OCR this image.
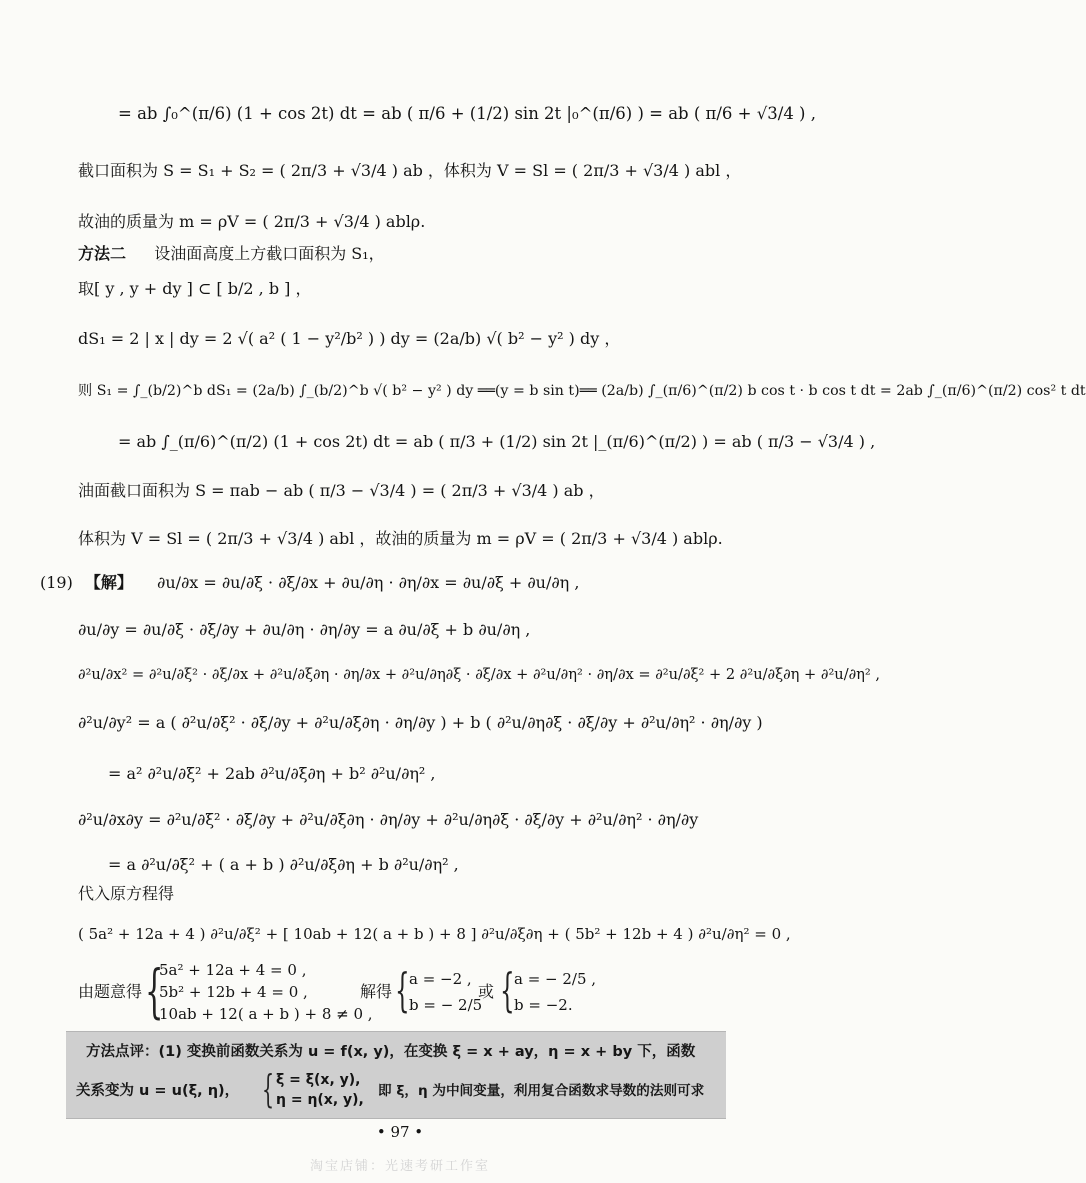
= ab ∫₀^(π/6) (1 + cos 2t) dt = ab ( π/6 + (1/2) sin 2t |₀^(π/6) ) = ab ( π/6 + √3/4 ) ,
截口面积为 S = S₁ + S₂ = ( 2π/3 + √3/4 ) ab ，体积为 V = Sl = ( 2π/3 + √3/4 ) abl ，
故油的质量为 m = ρV = ( 2π/3 + √3/4 ) ablρ.
方法二 设油面高度上方截口面积为 S₁，
取[ y , y + dy ] ⊂ [ b/2 , b ] ，
dS₁ = 2 | x | dy = 2 √( a² ( 1 − y²/b² ) ) dy = (2a/b) √( b² − y² ) dy ，
则 S₁ = ∫_(b/2)^b dS₁ = (2a/b) ∫_(b/2)^b √( b² − y² ) dy ══(y = b sin t)══ (2a/b) ∫_(π/6)^(π/2) b cos t · b cos t dt = 2ab ∫_(π/6)^(π/2) cos² t dt
= ab ∫_(π/6)^(π/2) (1 + cos 2t) dt = ab ( π/3 + (1/2) sin 2t |_(π/6)^(π/2) ) = ab ( π/3 − √3/4 ) ,
油面截口面积为 S = πab − ab ( π/3 − √3/4 ) = ( 2π/3 + √3/4 ) ab ，
体积为 V = Sl = ( 2π/3 + √3/4 ) abl ，故油的质量为 m = ρV = ( 2π/3 + √3/4 ) ablρ.
(19) 【解】 ∂u/∂x = ∂u/∂ξ · ∂ξ/∂x + ∂u/∂η · ∂η/∂x = ∂u/∂ξ + ∂u/∂η ,
∂u/∂y = ∂u/∂ξ · ∂ξ/∂y + ∂u/∂η · ∂η/∂y = a ∂u/∂ξ + b ∂u/∂η ,
∂²u/∂x² = ∂²u/∂ξ² · ∂ξ/∂x + ∂²u/∂ξ∂η · ∂η/∂x + ∂²u/∂η∂ξ · ∂ξ/∂x + ∂²u/∂η² · ∂η/∂x = ∂²u/∂ξ² + 2 ∂²u/∂ξ∂η + ∂²u/∂η² ,
∂²u/∂y² = a ( ∂²u/∂ξ² · ∂ξ/∂y + ∂²u/∂ξ∂η · ∂η/∂y ) + b ( ∂²u/∂η∂ξ · ∂ξ/∂y + ∂²u/∂η² · ∂η/∂y )
= a² ∂²u/∂ξ² + 2ab ∂²u/∂ξ∂η + b² ∂²u/∂η² ,
∂²u/∂x∂y = ∂²u/∂ξ² · ∂ξ/∂y + ∂²u/∂ξ∂η · ∂η/∂y + ∂²u/∂η∂ξ · ∂ξ/∂y + ∂²u/∂η² · ∂η/∂y
= a ∂²u/∂ξ² + ( a + b ) ∂²u/∂ξ∂η + b ∂²u/∂η² ,
代入原方程得
( 5a² + 12a + 4 ) ∂²u/∂ξ² + [ 10ab + 12( a + b ) + 8 ] ∂²u/∂ξ∂η + ( 5b² + 12b + 4 ) ∂²u/∂η² = 0 ,
由题意得 {
5a² + 12a + 4 = 0 ,
5b² + 12b + 4 = 0 ,
10ab + 12( a + b ) + 8 ≠ 0 ,
解得 { a = −2 ,
b = − 2/5
或 { a = − 2/5 ,
b = −2.
方法点评：(1) 变换前函数关系为 u = f(x, y)，在变换 ξ = x + ay，η = x + by 下，函数
关系变为 u = u(ξ, η)， { ξ = ξ(x, y),
η = η(x, y),
即 ξ，η 为中间变量，利用复合函数求导数的法则可求
• 97 •
淘宝店铺：光速考研工作室
